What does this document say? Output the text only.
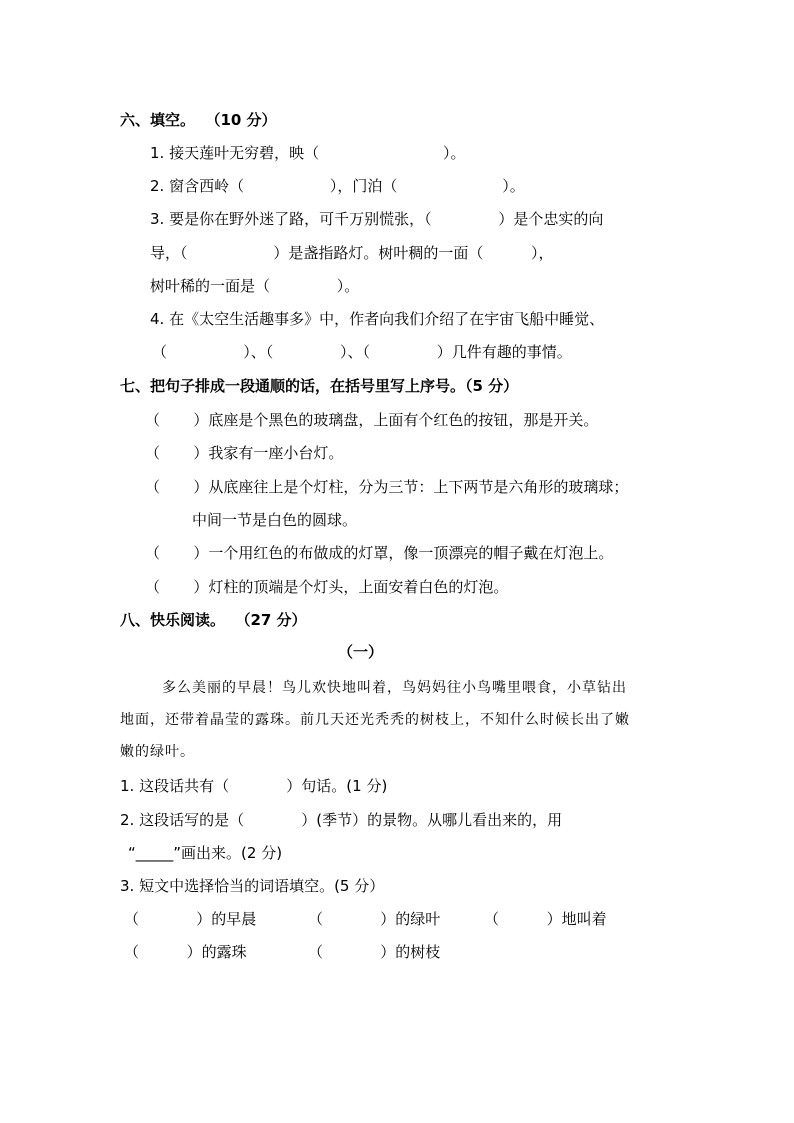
六、填空。  （10 分）
1. 接天莲叶无穷碧，映（                          ）。
2. 窗含西岭（                  ），门泊（                      ）。
3. 要是你在野外迷了路，可千万别慌张，（              ）是个忠实的向
导，（                  ）是盏指路灯。树叶稠的一面（          ），
树叶稀的一面是（              ）。
4. 在《太空生活趣事多》中，作者向我们介绍了在宇宙飞船中睡觉、
（                ）、（              ）、（              ）几件有趣的事情。
七、把句子排成一段通顺的话，在括号里写上序号。（5 分）
（       ）底座是个黑色的玻璃盘，上面有个红色的按钮，那是开关。
（       ）我家有一座小台灯。
（       ）从底座往上是个灯柱，分为三节：上下两节是六角形的玻璃球；
中间一节是白色的圆球。
（       ）一个用红色的布做成的灯罩，像一顶漂亮的帽子戴在灯泡上。
（       ）灯柱的顶端是个灯头，上面安着白色的灯泡。
八、快乐阅读。  （27 分）
（一）
多么美丽的早晨！鸟儿欢快地叫着，鸟妈妈往小鸟嘴里喂食，小草钻出
地面，还带着晶莹的露珠。前几天还光秃秃的树枝上，不知什么时候长出了嫩
嫩的绿叶。
1. 这段话共有（            ）句话。(1 分)
2. 这段话写的是（            ）(季节）的景物。从哪儿看出来的，用
“_____”画出来。(2 分)
3. 短文中选择恰当的词语填空。(5 分）
（            ）的早晨	（            ）的绿叶	（          ）地叫着
（          ）的露珠	（            ）的树枝
